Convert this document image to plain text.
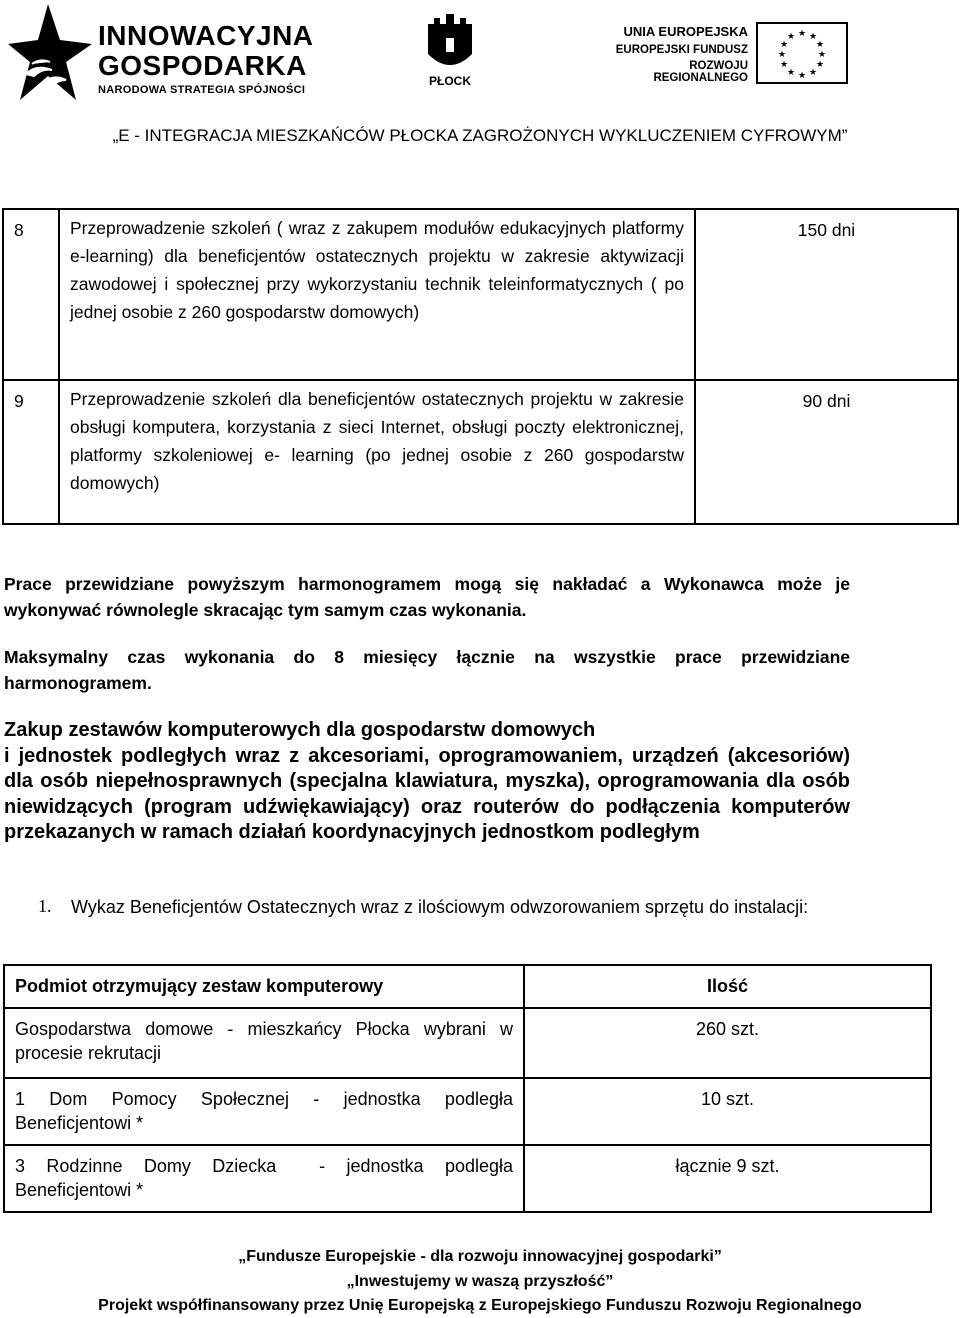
INNOWACYJNA
GOSPODARKA
NARODOWA STRATEGIA SPÓJNOŚCI
PŁOCK
UNIA EUROPEJSKA
EUROPEJSKI FUNDUSZ
ROZWOJU REGIONALNEGO
★ ★
★
★
★
★
★
★
★
★
★
★
„E - INTEGRACJA MIESZKAŃCÓW PŁOCKA ZAGROŻONYCH WYKLUCZENIEM CYFROWYM”
8	Przeprowadzenie szkoleń ( wraz z zakupem modułów edukacyjnych platformy e-learning) dla beneficjentów ostatecznych projektu w zakresie aktywizacji zawodowej i społecznej przy wykorzystaniu technik teleinformatycznych ( po jednej osobie z 260 gospodarstw domowych)	150 dni
9	Przeprowadzenie szkoleń dla beneficjentów ostatecznych projektu w zakresie obsługi komputera, korzystania z sieci Internet, obsługi poczty elektronicznej, platformy szkoleniowej e- learning (po jednej osobie z 260 gospodarstw domowych)	90 dni
Prace przewidziane powyższym harmonogramem mogą się nakładać a Wykonawca może je wykonywać równolegle skracając tym samym czas wykonania.
Maksymalny czas wykonania do 8 miesięcy łącznie na wszystkie prace przewidziane harmonogramem.
Zakup zestawów komputerowych dla gospodarstw domowych
i jednostek podległych wraz z akcesoriami, oprogramowaniem, urządzeń (akcesoriów) dla osób niepełnosprawnych (specjalna klawiatura, myszka), oprogramowania dla osób niewidzących (program udźwiękawiający) oraz routerów do podłączenia komputerów przekazanych w ramach działań koordynacyjnych jednostkom podległym
1. Wykaz Beneficjentów Ostatecznych wraz z ilościowym odwzorowaniem sprzętu do instalacji:
Podmiot otrzymujący zestaw komputerowy	Ilość
Gospodarstwa domowe - mieszkańcy Płocka wybrani w procesie rekrutacji	260 szt.
1 Dom Pomocy Społecznej - jednostka podległa Beneficjentowi *	10 szt.
3 Rodzinne Domy Dziecka  - jednostka podległa Beneficjentowi *	łącznie 9 szt.
„Fundusze Europejskie - dla rozwoju innowacyjnej gospodarki”
„Inwestujemy w waszą przyszłość”
Projekt współfinansowany przez Unię Europejską z Europejskiego Funduszu Rozwoju Regionalnego
